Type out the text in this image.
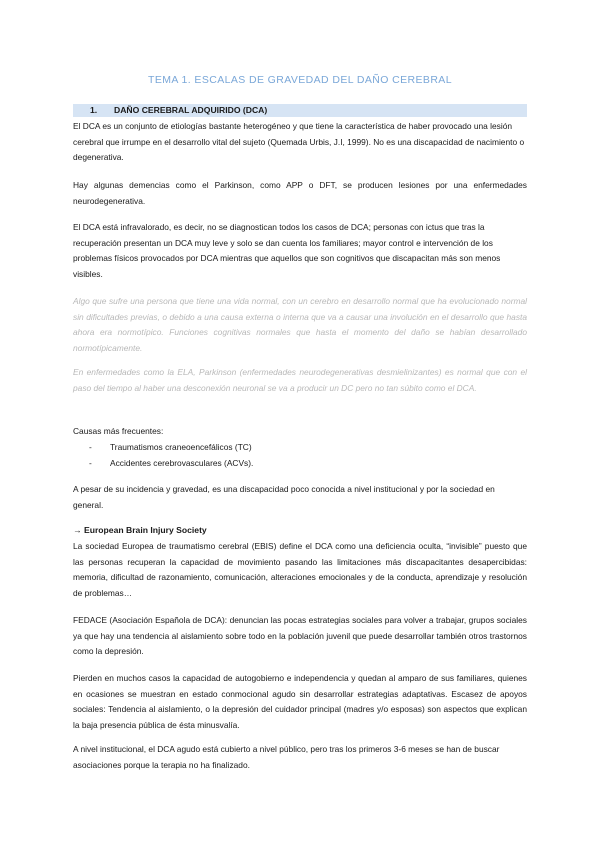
TEMA 1. ESCALAS DE GRAVEDAD DEL DAÑO CEREBRAL
1. DAÑO CEREBRAL ADQUIRIDO (DCA)

El DCA es un conjunto de etiologías bastante heterogéneo y que tiene la característica de haber provocado una lesión cerebral que irrumpe en el desarrollo vital del sujeto (Quemada Urbis, J.I, 1999). No es una discapacidad de nacimiento o degenerativa.

Hay algunas demencias como el Parkinson, como APP o DFT, se producen lesiones por una enfermedades neurodegenerativa.

El DCA está infravalorado, es decir, no se diagnostican todos los casos de DCA; personas con ictus que tras la recuperación presentan un DCA muy leve y solo se dan cuenta los familiares; mayor control e intervención de los problemas físicos provocados por DCA mientras que aquellos que son cognitivos que discapacitan más son menos visibles.

Algo que sufre una persona que tiene una vida normal, con un cerebro en desarrollo normal que ha evolucionado normal sin dificultades previas, o debido a una causa externa o interna que va a causar una involución en el desarrollo que hasta ahora era normotípico. Funciones cognitivas normales que hasta el momento del daño se habían desarrollado normotípicamente.

En enfermedades como la ELA, Parkinson (enfermedades neurodegenerativas desmielinizantes) es normal que con el paso del tiempo al haber una desconexión neuronal se va a producir un DC pero no tan súbito como el DCA.

Causas más frecuentes:

- Traumatismos craneoencefálicos (TC)
- Accidentes cerebrovasculares (ACVs).

A pesar de su incidencia y gravedad, es una discapacidad poco conocida a nivel institucional y por la sociedad en general.

→ European Brain Injury Society

La sociedad Europea de traumatismo cerebral (EBIS) define el DCA como una deficiencia oculta, “invisible” puesto que las personas recuperan la capacidad de movimiento pasando las limitaciones más discapacitantes desapercibidas: memoria, dificultad de razonamiento, comunicación, alteraciones emocionales y de la conducta, aprendizaje y resolución de problemas…

FEDACE (Asociación Española de DCA): denuncian las pocas estrategias sociales para volver a trabajar, grupos sociales ya que hay una tendencia al aislamiento sobre todo en la población juvenil que puede desarrollar también otros trastornos como la depresión.

Pierden en muchos casos la capacidad de autogobierno e independencia y quedan al amparo de sus familiares, quienes en ocasiones se muestran en estado conmocional agudo sin desarrollar estrategias adaptativas. Escasez de apoyos sociales: Tendencia al aislamiento, o la depresión del cuidador principal (madres y/o esposas) son aspectos que explican la baja presencia pública de ésta minusvalía.

A nivel institucional, el DCA agudo está cubierto a nivel público, pero tras los primeros 3-6 meses se han de buscar asociaciones porque la terapia no ha finalizado.
